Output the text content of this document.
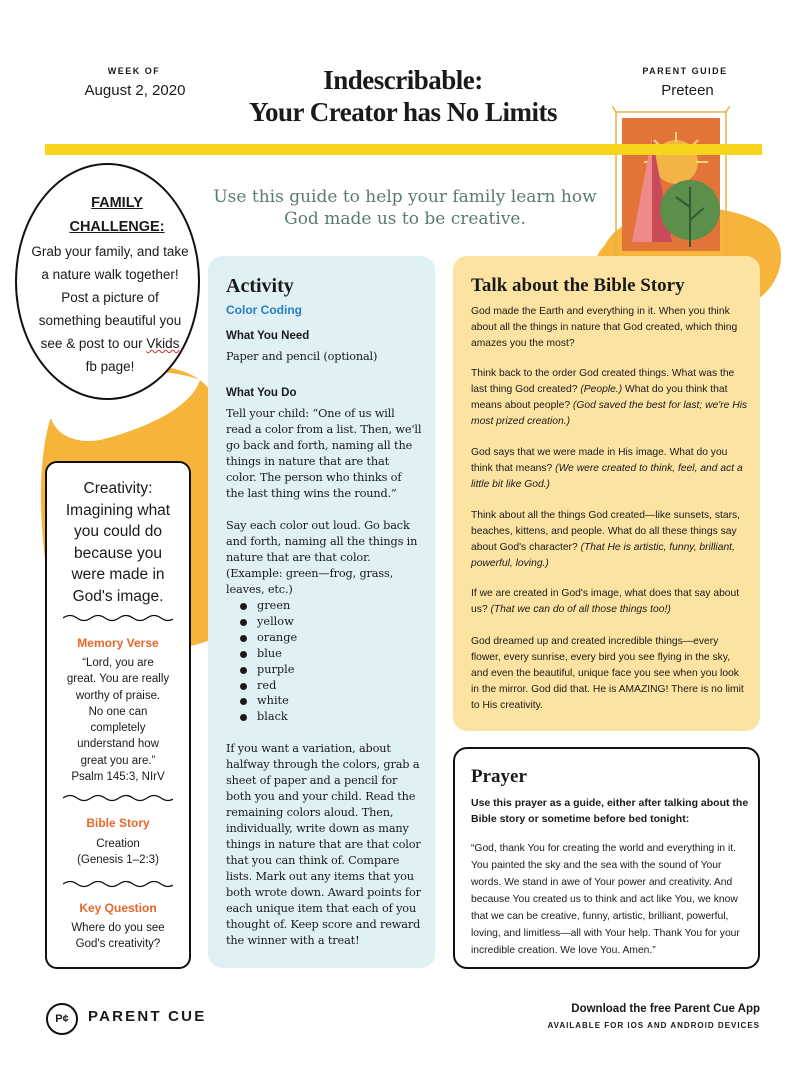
WEEK OF
August 2, 2020	Indescribable:
Your Creator has No Limits
PARENT GUIDE
Preteen
Use this guide to help your family learn how
God made us to be creative.
FAMILY
CHALLENGE:
Grab your family, and take
a nature walk together!
Post a picture of
something beautiful you
see & post to our Vkids
fb page!
Creativity:
Imagining what
you could do
because you
were made in
God's image.
Memory Verse
“Lord, you are
great. You are really
worthy of praise.
No one can
completely
understand how
great you are.”
Psalm 145:3, NIrV
Bible Story
Creation
(Genesis 1–2:3)
Key Question
Where do you see
God's creativity?
Activity
Color Coding
What You Need
Paper and pencil (optional)
What You Do
Tell your child: “One of us will read a color from a list. Then, we'll go back and forth, naming all the things in nature that are that color. The person who thinks of the last thing wins the round.”
Say each color out loud. Go back and forth, naming all the things in nature that are that color. (Example: green—frog, grass, leaves, etc.)
green
yellow
orange
blue
purple
red
white
black
If you want a variation, about halfway through the colors, grab a sheet of paper and a pencil for both you and your child. Read the remaining colors aloud. Then, individually, write down as many things in nature that are that color that you can think of. Compare lists. Mark out any items that you both wrote down. Award points for each unique item that each of you thought of. Keep score and reward the winner with a treat!
Talk about the Bible Story
God made the Earth and everything in it. When you think about all the things in nature that God created, which thing amazes you the most?
Think back to the order God created things. What was the last thing God created? (People.) What do you think that means about people? (God saved the best for last; we're His most prized creation.)
God says that we were made in His image. What do you think that means? (We were created to think, feel, and act a little bit like God.)
Think about all the things God created—like sunsets, stars, beaches, kittens, and people. What do all these things say about God's character? (That He is artistic, funny, brilliant, powerful, loving.)
If we are created in God's image, what does that say about us? (That we can do of all those things too!)
God dreamed up and created incredible things—every flower, every sunrise, every bird you see flying in the sky, and even the beautiful, unique face you see when you look in the mirror. God did that. He is AMAZING! There is no limit to His creativity.
Prayer
Use this prayer as a guide, either after talking about the Bible story or sometime before bed tonight:
“God, thank You for creating the world and everything in it. You painted the sky and the sea with the sound of Your words. We stand in awe of Your power and creativity. And because You created us to think and act like You, we know that we can be creative, funny, artistic, brilliant, powerful, loving, and limitless—all with Your help. Thank You for your incredible creation. We love You. Amen.”
P¢	PARENT CUE	Download the free Parent Cue App
AVAILABLE FOR IOS AND ANDROID DEVICES
